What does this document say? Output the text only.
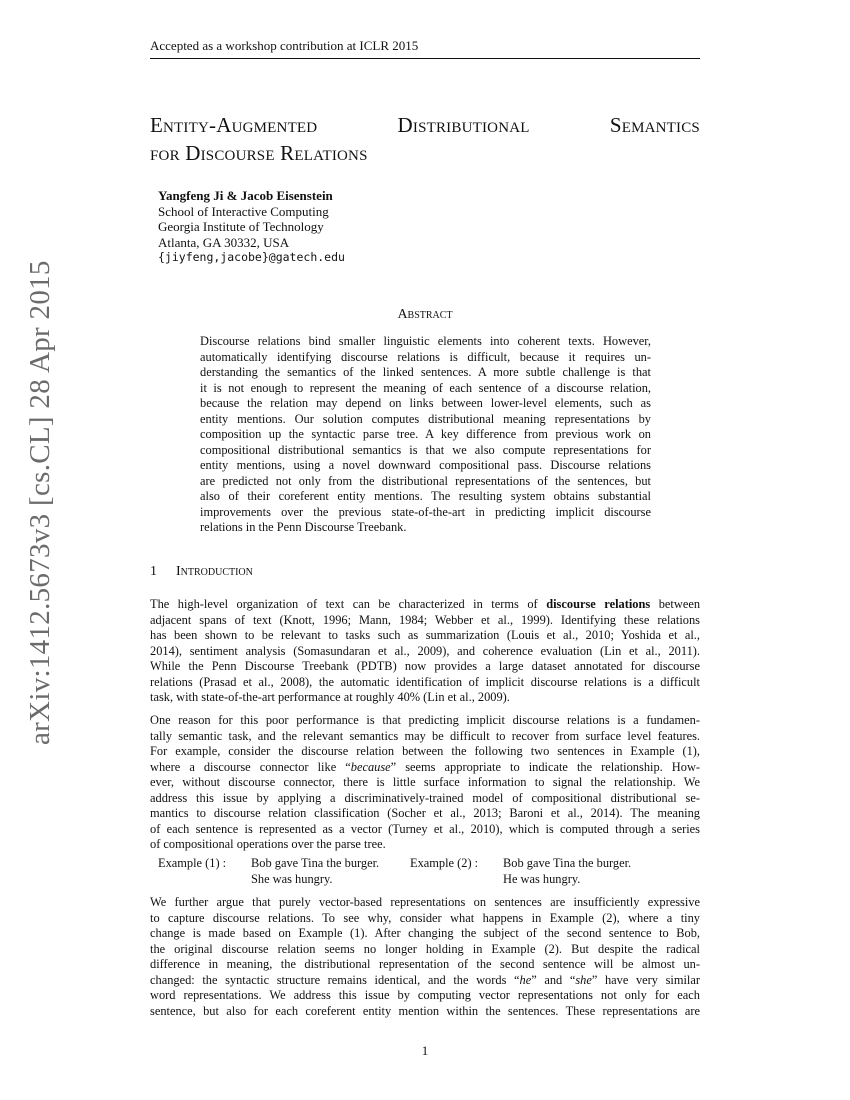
Accepted as a workshop contribution at ICLR 2015
arXiv:1412.5673v3 [cs.CL] 28 Apr 2015
Entity-Augmented	Distributional	Semantics
for Discourse Relations
Yangfeng Ji & Jacob Eisenstein
School of Interactive Computing
Georgia Institute of Technology
Atlanta, GA 30332, USA
{jiyfeng,jacobe}@gatech.edu
Abstract
Discourse relations bind smaller linguistic elements into coherent texts. However,
automatically identifying discourse relations is difficult, because it requires un-
derstanding the semantics of the linked sentences. A more subtle challenge is that
it is not enough to represent the meaning of each sentence of a discourse relation,
because the relation may depend on links between lower-level elements, such as
entity mentions. Our solution computes distributional meaning representations by
composition up the syntactic parse tree. A key difference from previous work on
compositional distributional semantics is that we also compute representations for
entity mentions, using a novel downward compositional pass. Discourse relations
are predicted not only from the distributional representations of the sentences, but
also of their coreferent entity mentions. The resulting system obtains substantial
improvements over the previous state-of-the-art in predicting implicit discourse
relations in the Penn Discourse Treebank.
1 Introduction
The high-level organization of text can be characterized in terms of discourse relations between
adjacent spans of text (Knott, 1996; Mann, 1984; Webber et al., 1999). Identifying these relations
has been shown to be relevant to tasks such as summarization (Louis et al., 2010; Yoshida et al.,
2014), sentiment analysis (Somasundaran et al., 2009), and coherence evaluation (Lin et al., 2011).
While the Penn Discourse Treebank (PDTB) now provides a large dataset annotated for discourse
relations (Prasad et al., 2008), the automatic identification of implicit discourse relations is a difficult
task, with state-of-the-art performance at roughly 40% (Lin et al., 2009).
One reason for this poor performance is that predicting implicit discourse relations is a fundamen-
tally semantic task, and the relevant semantics may be difficult to recover from surface level features.
For example, consider the discourse relation between the following two sentences in Example (1),
where a discourse connector like “because” seems appropriate to indicate the relationship. How-
ever, without discourse connector, there is little surface information to signal the relationship. We
address this issue by applying a discriminatively-trained model of compositional distributional se-
mantics to discourse relation classification (Socher et al., 2013; Baroni et al., 2014). The meaning
of each sentence is represented as a vector (Turney et al., 2010), which is computed through a series
of compositional operations over the parse tree.
Example (1) : Bob gave Tina the burger.
She was hungry.
Example (2) : Bob gave Tina the burger.
He was hungry.
We further argue that purely vector-based representations on sentences are insufficiently expressive
to capture discourse relations. To see why, consider what happens in Example (2), where a tiny
change is made based on Example (1). After changing the subject of the second sentence to Bob,
the original discourse relation seems no longer holding in Example (2). But despite the radical
difference in meaning, the distributional representation of the second sentence will be almost un-
changed: the syntactic structure remains identical, and the words “he” and “she” have very similar
word representations. We address this issue by computing vector representations not only for each
sentence, but also for each coreferent entity mention within the sentences. These representations are
1
